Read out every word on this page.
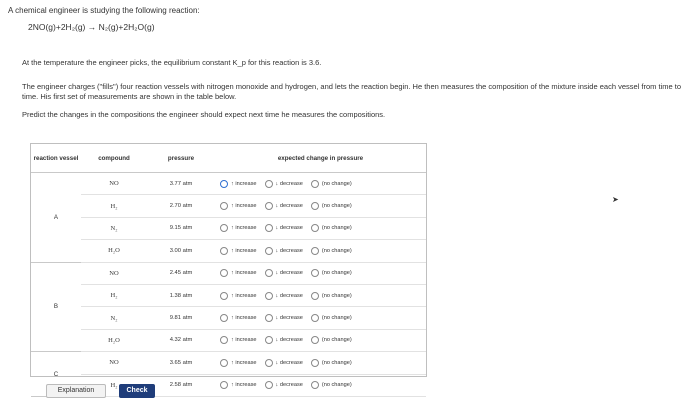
A chemical engineer is studying the following reaction:
2NO(g)+2H₂(g) → N₂(g)+2H₂O(g)
At the temperature the engineer picks, the equilibrium constant K_p for this reaction is 3.6.
The engineer charges ("fills") four reaction vessels with nitrogen monoxide and hydrogen, and lets the reaction begin. He then measures the composition of the mixture inside each vessel from time to time. His first set of measurements are shown in the table below.
Predict the changes in the compositions the engineer should expect next time he measures the compositions.
reaction vessel	compound	pressure	expected change in pressure
A	NO	3.77 atm	↑ increase ↓ decrease (no change)

	H₂	2.70 atm	↑ increase ↓ decrease (no change)

	N₂	9.15 atm	↑ increase ↓ decrease (no change)

	H₂O	3.00 atm	↑ increase ↓ decrease (no change)

B	NO	2.45 atm	↑ increase ↓ decrease (no change)

	H₂	1.38 atm	↑ increase ↓ decrease (no change)

	N₂	9.81 atm	↑ increase ↓ decrease (no change)

	H₂O	4.32 atm	↑ increase ↓ decrease (no change)

C	NO	3.65 atm	↑ increase ↓ decrease (no change)

	H₂	2.58 atm	↑ increase ↓ decrease (no change)
Explanation	Check
➤
